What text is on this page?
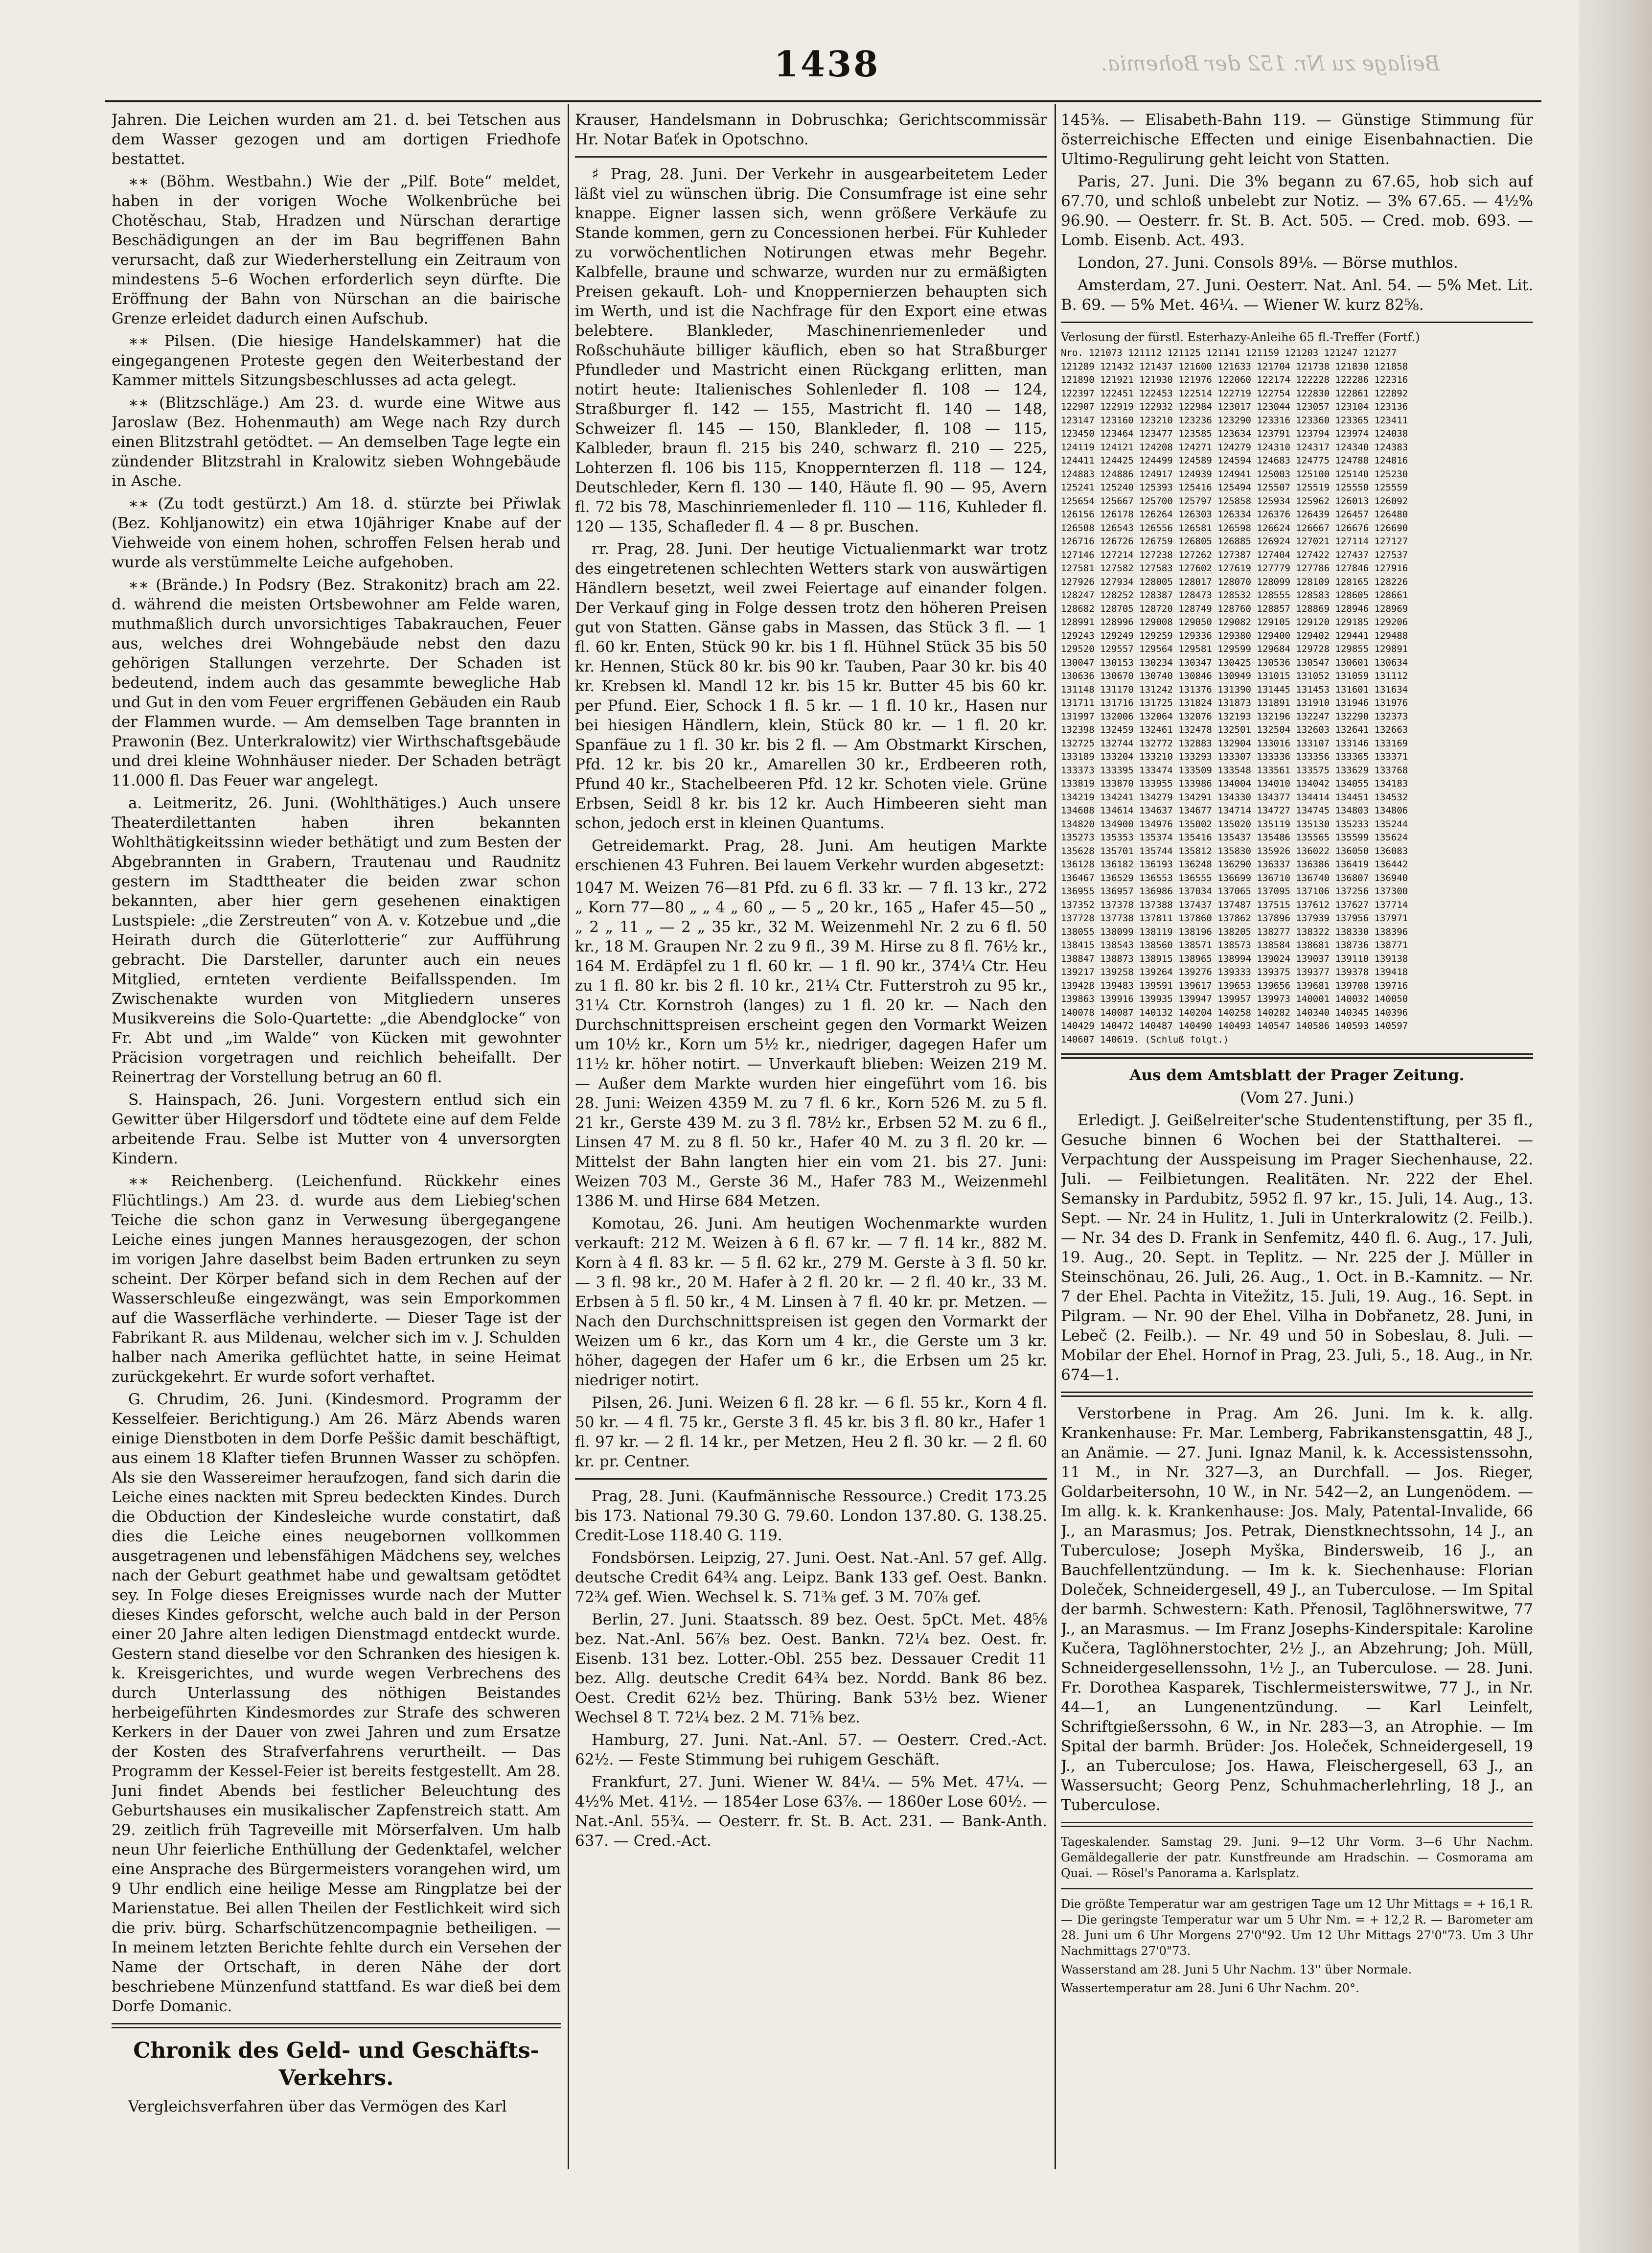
1438	Beilage zu Nr. 152 der Bohemia.

Jahren. Die Leichen wurden am 21. d. bei Tetschen aus dem Wasser gezogen und am dortigen Friedhofe bestattet.

∗∗ (Böhm. Westbahn.) Wie der „Pilf. Bote“ meldet, haben in der vorigen Woche Wolkenbrüche bei Chotěschau, Stab, Hradzen und Nürschan derartige Beschädigungen an der im Bau begriffenen Bahn verursacht, daß zur Wiederherstellung ein Zeitraum von mindestens 5–6 Wochen erforderlich seyn dürfte. Die Eröffnung der Bahn von Nürschan an die bairische Grenze erleidet dadurch einen Aufschub.

∗∗ Pilsen. (Die hiesige Handelskammer) hat die eingegangenen Proteste gegen den Weiterbestand der Kammer mittels Sitzungsbeschlusses ad acta gelegt.

∗∗ (Blitzschläge.) Am 23. d. wurde eine Witwe aus Jaroslaw (Bez. Hohenmauth) am Wege nach Rzy durch einen Blitzstrahl getödtet. — An demselben Tage legte ein zündender Blitzstrahl in Kralowitz sieben Wohngebäude in Asche.

∗∗ (Zu todt gestürzt.) Am 18. d. stürzte bei Přiwlak (Bez. Kohljanowitz) ein etwa 10jähriger Knabe auf der Viehweide von einem hohen, schroffen Felsen herab und wurde als verstümmelte Leiche aufgehoben.

∗∗ (Brände.) In Podsry (Bez. Strakonitz) brach am 22. d. während die meisten Ortsbewohner am Felde waren, muthmaßlich durch unvorsichtiges Tabakrauchen, Feuer aus, welches drei Wohngebäude nebst den dazu gehörigen Stallungen verzehrte. Der Schaden ist bedeutend, indem auch das gesammte bewegliche Hab und Gut in den vom Feuer ergriffenen Gebäuden ein Raub der Flammen wurde. — Am demselben Tage brannten in Prawonin (Bez. Unterkralowitz) vier Wirthschaftsgebäude und drei kleine Wohnhäuser nieder. Der Schaden beträgt 11.000 fl. Das Feuer war angelegt.

a. Leitmeritz, 26. Juni. (Wohlthätiges.) Auch unsere Theaterdilettanten haben ihren bekannten Wohlthätigkeitssinn wieder bethätigt und zum Besten der Abgebrannten in Grabern, Trautenau und Raudnitz gestern im Stadttheater die beiden zwar schon bekannten, aber hier gern gesehenen einaktigen Lustspiele: „die Zerstreuten“ von A. v. Kotzebue und „die Heirath durch die Güterlotterie“ zur Aufführung gebracht. Die Darsteller, darunter auch ein neues Mitglied, ernteten verdiente Beifallsspenden. Im Zwischenakte wurden von Mitgliedern unseres Musikvereins die Solo-Quartette: „die Abendglocke“ von Fr. Abt und „im Walde“ von Kücken mit gewohnter Präcision vorgetragen und reichlich beheifallt. Der Reinertrag der Vorstellung betrug an 60 fl.

S. Hainspach, 26. Juni. Vorgestern entlud sich ein Gewitter über Hilgersdorf und tödtete eine auf dem Felde arbeitende Frau. Selbe ist Mutter von 4 unversorgten Kindern.

∗∗ Reichenberg. (Leichenfund. Rückkehr eines Flüchtlings.) Am 23. d. wurde aus dem Liebieg'schen Teiche die schon ganz in Verwesung übergegangene Leiche eines jungen Mannes herausgezogen, der schon im vorigen Jahre daselbst beim Baden ertrunken zu seyn scheint. Der Körper befand sich in dem Rechen auf der Wasserschleuße eingezwängt, was sein Emporkommen auf die Wasserfläche verhinderte. — Dieser Tage ist der Fabrikant R. aus Mildenau, welcher sich im v. J. Schulden halber nach Amerika geflüchtet hatte, in seine Heimat zurückgekehrt. Er wurde sofort verhaftet.

G. Chrudim, 26. Juni. (Kindesmord. Programm der Kesselfeier. Berichtigung.) Am 26. März Abends waren einige Dienstboten in dem Dorfe Peššic damit beschäftigt, aus einem 18 Klafter tiefen Brunnen Wasser zu schöpfen. Als sie den Wassereimer heraufzogen, fand sich darin die Leiche eines nackten mit Spreu bedeckten Kindes. Durch die Obduction der Kindesleiche wurde constatirt, daß dies die Leiche eines neugebornen vollkommen ausgetragenen und lebensfähigen Mädchens sey, welches nach der Geburt geathmet habe und gewaltsam getödtet sey. In Folge dieses Ereignisses wurde nach der Mutter dieses Kindes geforscht, welche auch bald in der Person einer 20 Jahre alten ledigen Dienstmagd entdeckt wurde. Gestern stand dieselbe vor den Schranken des hiesigen k. k. Kreisgerichtes, und wurde wegen Verbrechens des durch Unterlassung des nöthigen Beistandes herbeigeführten Kindesmordes zur Strafe des schweren Kerkers in der Dauer von zwei Jahren und zum Ersatze der Kosten des Strafverfahrens verurtheilt. — Das Programm der Kessel-Feier ist bereits festgestellt. Am 28. Juni findet Abends bei festlicher Beleuchtung des Geburtshauses ein musikalischer Zapfenstreich statt. Am 29. zeitlich früh Tagreveille mit Mörserfalven. Um halb neun Uhr feierliche Enthüllung der Gedenktafel, welcher eine Ansprache des Bürgermeisters vorangehen wird, um 9 Uhr endlich eine heilige Messe am Ringplatze bei der Marienstatue. Bei allen Theilen der Festlichkeit wird sich die priv. bürg. Scharfschützencompagnie betheiligen. — In meinem letzten Berichte fehlte durch ein Versehen der Name der Ortschaft, in deren Nähe der dort beschriebene Münzenfund stattfand. Es war dieß bei dem Dorfe Domanic.

Chronik des Geld- und Geschäfts-Verkehrs.

Vergleichsverfahren über das Vermögen des Karl

Krauser, Handelsmann in Dobruschka; Gerichtscommissär Hr. Notar Baťek in Opotschno.

♯ Prag, 28. Juni. Der Verkehr in ausgearbeitetem Leder läßt viel zu wünschen übrig. Die Consumfrage ist eine sehr knappe. Eigner lassen sich, wenn größere Verkäufe zu Stande kommen, gern zu Concessionen herbei. Für Kuhleder zu vorwöchentlichen Notirungen etwas mehr Begehr. Kalbfelle, braune und schwarze, wurden nur zu ermäßigten Preisen gekauft. Loh- und Knoppernierzen behaupten sich im Werth, und ist die Nachfrage für den Export eine etwas belebtere. Blankleder, Maschinenriemenleder und Roßschuhäute billiger käuflich, eben so hat Straßburger Pfundleder und Mastricht einen Rückgang erlitten, man notirt heute: Italienisches Sohlenleder fl. 108 — 124, Straßburger fl. 142 — 155, Mastricht fl. 140 — 148, Schweizer fl. 145 — 150, Blankleder, fl. 108 — 115, Kalbleder, braun fl. 215 bis 240, schwarz fl. 210 — 225, Lohterzen fl. 106 bis 115, Knoppernterzen fl. 118 — 124, Deutschleder, Kern fl. 130 — 140, Häute fl. 90 — 95, Avern fl. 72 bis 78, Maschinriemenleder fl. 110 — 116, Kuhleder fl. 120 — 135, Schafleder fl. 4 — 8 pr. Buschen.

rr. Prag, 28. Juni. Der heutige Victualienmarkt war trotz des eingetretenen schlechten Wetters stark von auswärtigen Händlern besetzt, weil zwei Feiertage auf einander folgen. Der Verkauf ging in Folge dessen trotz den höheren Preisen gut von Statten. Gänse gabs in Massen, das Stück 3 fl. — 1 fl. 60 kr. Enten, Stück 90 kr. bis 1 fl. Hühnel Stück 35 bis 50 kr. Hennen, Stück 80 kr. bis 90 kr. Tauben, Paar 30 kr. bis 40 kr. Krebsen kl. Mandl 12 kr. bis 15 kr. Butter 45 bis 60 kr. per Pfund. Eier, Schock 1 fl. 5 kr. — 1 fl. 10 kr., Hasen nur bei hiesigen Händlern, klein, Stück 80 kr. — 1 fl. 20 kr. Spanfäue zu 1 fl. 30 kr. bis 2 fl. — Am Obstmarkt Kirschen, Pfd. 12 kr. bis 20 kr., Amarellen 30 kr., Erdbeeren roth, Pfund 40 kr., Stachelbeeren Pfd. 12 kr. Schoten viele. Grüne Erbsen, Seidl 8 kr. bis 12 kr. Auch Himbeeren sieht man schon, jedoch erst in kleinen Quantums.

Getreidemarkt. Prag, 28. Juni. Am heutigen Markte erschienen 43 Fuhren. Bei lauem Verkehr wurden abgesetzt:

1047 M. Weizen 76—81 Pfd. zu 6 fl. 33 kr. — 7 fl. 13 kr., 272 „ Korn 77—80 „ „ 4 „ 60 „ — 5 „ 20 kr., 165 „ Hafer 45—50 „ „ 2 „ 11 „ — 2 „ 35 kr., 32 M. Weizenmehl Nr. 2 zu 6 fl. 50 kr., 18 M. Graupen Nr. 2 zu 9 fl., 39 M. Hirse zu 8 fl. 76½ kr., 164 M. Erdäpfel zu 1 fl. 60 kr. — 1 fl. 90 kr., 374¼ Ctr. Heu zu 1 fl. 80 kr. bis 2 fl. 10 kr., 21¼ Ctr. Futterstroh zu 95 kr., 31¼ Ctr. Kornstroh (langes) zu 1 fl. 20 kr. — Nach den Durchschnittspreisen erscheint gegen den Vormarkt Weizen um 10½ kr., Korn um 5½ kr., niedriger, dagegen Hafer um 11½ kr. höher notirt. — Unverkauft blieben: Weizen 219 M. — Außer dem Markte wurden hier eingeführt vom 16. bis 28. Juni: Weizen 4359 M. zu 7 fl. 6 kr., Korn 526 M. zu 5 fl. 21 kr., Gerste 439 M. zu 3 fl. 78½ kr., Erbsen 52 M. zu 6 fl., Linsen 47 M. zu 8 fl. 50 kr., Hafer 40 M. zu 3 fl. 20 kr. — Mittelst der Bahn langten hier ein vom 21. bis 27. Juni: Weizen 703 M., Gerste 36 M., Hafer 783 M., Weizenmehl 1386 M. und Hirse 684 Metzen.

Komotau, 26. Juni. Am heutigen Wochenmarkte wurden verkauft: 212 M. Weizen à 6 fl. 67 kr. — 7 fl. 14 kr., 882 M. Korn à 4 fl. 83 kr. — 5 fl. 62 kr., 279 M. Gerste à 3 fl. 50 kr. — 3 fl. 98 kr., 20 M. Hafer à 2 fl. 20 kr. — 2 fl. 40 kr., 33 M. Erbsen à 5 fl. 50 kr., 4 M. Linsen à 7 fl. 40 kr. pr. Metzen. — Nach den Durchschnittspreisen ist gegen den Vormarkt der Weizen um 6 kr., das Korn um 4 kr., die Gerste um 3 kr. höher, dagegen der Hafer um 6 kr., die Erbsen um 25 kr. niedriger notirt.

Pilsen, 26. Juni. Weizen 6 fl. 28 kr. — 6 fl. 55 kr., Korn 4 fl. 50 kr. — 4 fl. 75 kr., Gerste 3 fl. 45 kr. bis 3 fl. 80 kr., Hafer 1 fl. 97 kr. — 2 fl. 14 kr., per Metzen, Heu 2 fl. 30 kr. — 2 fl. 60 kr. pr. Centner.

Prag, 28. Juni. (Kaufmännische Ressource.) Credit 173.25 bis 173. National 79.30 G. 79.60. London 137.80. G. 138.25. Credit-Lose 118.40 G. 119.

Fondsbörsen. Leipzig, 27. Juni. Oest. Nat.-Anl. 57 gef. Allg. deutsche Credit 64¾ ang. Leipz. Bank 133 gef. Oest. Bankn. 72¾ gef. Wien. Wechsel k. S. 71⅜ gef. 3 M. 70⅞ gef.

Berlin, 27. Juni. Staatssch. 89 bez. Oest. 5pCt. Met. 48⅝ bez. Nat.-Anl. 56⅞ bez. Oest. Bankn. 72¼ bez. Oest. fr. Eisenb. 131 bez. Lotter.-Obl. 255 bez. Dessauer Credit 11 bez. Allg. deutsche Credit 64¾ bez. Nordd. Bank 86 bez. Oest. Credit 62½ bez. Thüring. Bank 53½ bez. Wiener Wechsel 8 T. 72¼ bez. 2 M. 71⅝ bez.

Hamburg, 27. Juni. Nat.-Anl. 57. — Oesterr. Cred.-Act. 62½. — Feste Stimmung bei ruhigem Geschäft.

Frankfurt, 27. Juni. Wiener W. 84¼. — 5% Met. 47¼. — 4½% Met. 41½. — 1854er Lose 63⅞. — 1860er Lose 60½. — Nat.-Anl. 55¾. — Oesterr. fr. St. B. Act. 231. — Bank-Anth. 637. — Cred.-Act.

145⅜. — Elisabeth-Bahn 119. — Günstige Stimmung für österreichische Effecten und einige Eisenbahnactien. Die Ultimo-Regulirung geht leicht von Statten.

Paris, 27. Juni. Die 3% begann zu 67.65, hob sich auf 67.70, und schloß unbelebt zur Notiz. — 3% 67.65. — 4½% 96.90. — Oesterr. fr. St. B. Act. 505. — Cred. mob. 693. — Lomb. Eisenb. Act. 493.

London, 27. Juni. Consols 89⅛. — Börse muthlos.

Amsterdam, 27. Juni. Oesterr. Nat. Anl. 54. — 5% Met. Lit. B. 69. — 5% Met. 46¼. — Wiener W. kurz 82⅝.

Verlosung der fürstl. Esterhazy-Anleihe 65 fl.-Treffer (Fortf.)
Nro. 121073 121112 121125 121141 121159 121203 121247 121277
121289 121432 121437 121600 121633 121704 121738 121830 121858
121890 121921 121930 121976 122060 122174 122228 122286 122316
122397 122451 122453 122514 122719 122754 122830 122861 122892
122907 122919 122932 122984 123017 123044 123057 123104 123136
123147 123160 123210 123236 123290 123316 123360 123365 123411
123450 123464 123477 123585 123634 123791 123794 123974 124038
124119 124121 124208 124271 124279 124310 124317 124340 124383
124411 124425 124499 124589 124594 124683 124775 124788 124816
124883 124886 124917 124939 124941 125003 125100 125140 125230
125241 125240 125393 125416 125494 125507 125519 125550 125559
125654 125667 125700 125797 125858 125934 125962 126013 126092
126156 126178 126264 126303 126334 126376 126439 126457 126480
126508 126543 126556 126581 126598 126624 126667 126676 126690
126716 126726 126759 126805 126885 126924 127021 127114 127127
127146 127214 127238 127262 127387 127404 127422 127437 127537
127581 127582 127583 127602 127619 127779 127786 127846 127916
127926 127934 128005 128017 128070 128099 128109 128165 128226
128247 128252 128387 128473 128532 128555 128583 128605 128661
128682 128705 128720 128749 128760 128857 128869 128946 128969
128991 128996 129008 129050 129082 129105 129120 129185 129206
129243 129249 129259 129336 129380 129400 129402 129441 129488
129520 129557 129564 129581 129599 129684 129728 129855 129891
130047 130153 130234 130347 130425 130536 130547 130601 130634
130636 130670 130740 130846 130949 131015 131052 131059 131112
131148 131170 131242 131376 131390 131445 131453 131601 131634
131711 131716 131725 131824 131873 131891 131910 131946 131976
131997 132006 132064 132076 132193 132196 132247 132290 132373
132398 132459 132461 132478 132501 132504 132603 132641 132663
132725 132744 132772 132883 132904 133016 133107 133146 133169
133189 133204 133210 133293 133307 133336 133356 133365 133371
133373 133395 133474 133509 133548 133561 133575 133629 133768
133819 133870 133955 133986 134004 134010 134042 134055 134183
134219 134241 134279 134291 134330 134377 134414 134451 134532
134608 134614 134637 134677 134714 134727 134745 134803 134806
134820 134900 134976 135002 135020 135119 135130 135233 135244
135273 135353 135374 135416 135437 135486 135565 135599 135624
135628 135701 135744 135812 135830 135926 136022 136050 136083
136128 136182 136193 136248 136290 136337 136386 136419 136442
136467 136529 136553 136555 136699 136710 136740 136807 136940
136955 136957 136986 137034 137065 137095 137106 137256 137300
137352 137378 137388 137437 137487 137515 137612 137627 137714
137728 137738 137811 137860 137862 137896 137939 137956 137971
138055 138099 138119 138196 138205 138277 138322 138330 138396
138415 138543 138560 138571 138573 138584 138681 138736 138771
138847 138873 138915 138965 138994 139024 139037 139110 139138
139217 139258 139264 139276 139333 139375 139377 139378 139418
139428 139483 139591 139617 139653 139656 139681 139708 139716
139863 139916 139935 139947 139957 139973 140001 140032 140050
140078 140087 140132 140204 140258 140282 140340 140345 140396
140429 140472 140487 140490 140493 140547 140586 140593 140597
140607 140619. (Schluß folgt.)

Aus dem Amtsblatt der Prager Zeitung.

(Vom 27. Juni.)

Erledigt. J. Geißelreiter'sche Studentenstiftung, per 35 fl., Gesuche binnen 6 Wochen bei der Statthalterei. — Verpachtung der Ausspeisung im Prager Siechenhause, 22. Juli. — Feilbietungen. Realitäten. Nr. 222 der Ehel. Semansky in Pardubitz, 5952 fl. 97 kr., 15. Juli, 14. Aug., 13. Sept. — Nr. 24 in Hulitz, 1. Juli in Unterkralowitz (2. Feilb.). — Nr. 34 des D. Frank in Senfemitz, 440 fl. 6. Aug., 17. Juli, 19. Aug., 20. Sept. in Teplitz. — Nr. 225 der J. Müller in Steinschönau, 26. Juli, 26. Aug., 1. Oct. in B.-Kamnitz. — Nr. 7 der Ehel. Pachta in Vitežitz, 15. Juli, 19. Aug., 16. Sept. in Pilgram. — Nr. 90 der Ehel. Vilha in Dobřanetz, 28. Juni, in Lebeč (2. Feilb.). — Nr. 49 und 50 in Sobeslau, 8. Juli. — Mobilar der Ehel. Hornof in Prag, 23. Juli, 5., 18. Aug., in Nr. 674—1.

Verstorbene in Prag. Am 26. Juni. Im k. k. allg. Krankenhause: Fr. Mar. Lemberg, Fabrikanstensgattin, 48 J., an Anämie. — 27. Juni. Ignaz Manil, k. k. Accessistenssohn, 11 M., in Nr. 327—3, an Durchfall. — Jos. Rieger, Goldarbeitersohn, 10 W., in Nr. 542—2, an Lungenödem. — Im allg. k. k. Krankenhause: Jos. Maly, Patental-Invalide, 66 J., an Marasmus; Jos. Petrak, Dienstknechtssohn, 14 J., an Tuberculose; Joseph Myška, Bindersweib, 16 J., an Bauchfellentzündung. — Im k. k. Siechenhause: Florian Doleček, Schneidergesell, 49 J., an Tuberculose. — Im Spital der barmh. Schwestern: Kath. Přenosil, Taglöhnerswitwe, 77 J., an Marasmus. — Im Franz Josephs-Kinderspitale: Karoline Kučera, Taglöhnerstochter, 2½ J., an Abzehrung; Joh. Müll, Schneidergesellenssohn, 1½ J., an Tuberculose. — 28. Juni. Fr. Dorothea Kasparek, Tischlermeisterswitwe, 77 J., in Nr. 44—1, an Lungenentzündung. — Karl Leinfelt, Schriftgießerssohn, 6 W., in Nr. 283—3, an Atrophie. — Im Spital der barmh. Brüder: Jos. Holeček, Schneidergesell, 19 J., an Tuberculose; Jos. Hawa, Fleischergesell, 63 J., an Wassersucht; Georg Penz, Schuhmacherlehrling, 18 J., an Tuberculose.

Tageskalender. Samstag 29. Juni. 9—12 Uhr Vorm. 3—6 Uhr Nachm. Gemäldegallerie der patr. Kunstfreunde am Hradschin. — Cosmorama am Quai. — Rösel's Panorama a. Karlsplatz.

Die größte Temperatur war am gestrigen Tage um 12 Uhr Mittags = + 16,1 R. — Die geringste Temperatur war um 5 Uhr Nm. = + 12,2 R. — Barometer am 28. Juni um 6 Uhr Morgens 27'0"92. Um 12 Uhr Mittags 27'0"73. Um 3 Uhr Nachmittags 27'0"73.

Wasserstand am 28. Juni 5 Uhr Nachm. 13'' über Normale.

Wassertemperatur am 28. Juni 6 Uhr Nachm. 20°.
